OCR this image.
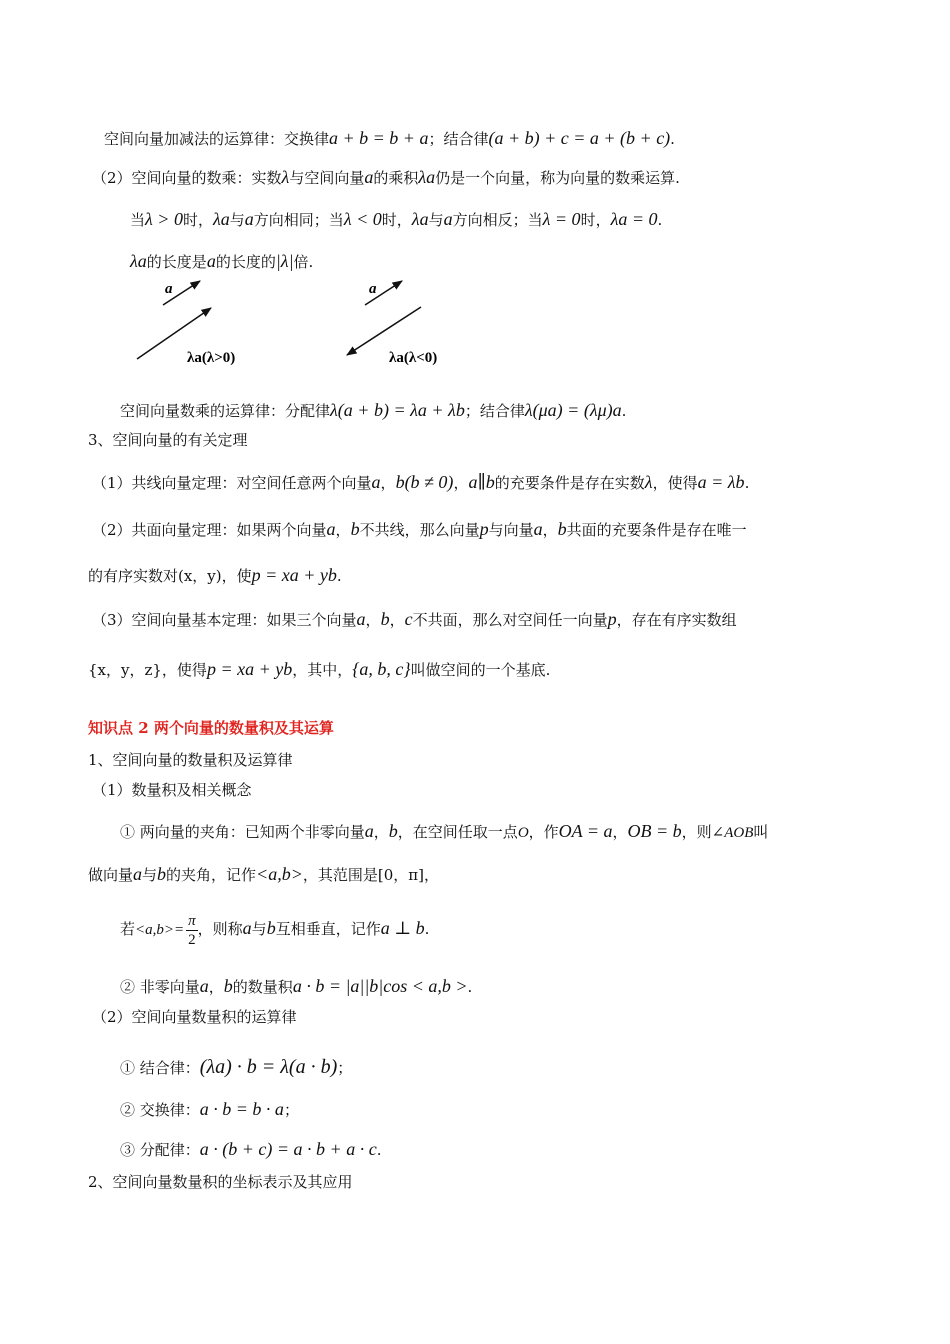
空间向量加减法的运算律：交换律a + b = b + a；结合律(a + b) + c = a + (b + c).
（2）空间向量的数乘：实数λ与空间向量a的乘积λa仍是一个向量，称为向量的数乘运算.
当λ > 0时，λa与a方向相同；当λ < 0时，λa与a方向相反；当λ = 0时，λa = 0.
λa的长度是a的长度的|λ|倍.
a
λa(λ>0)
a
λa(λ<0)
空间向量数乘的运算律：分配律λ(a + b) = λa + λb；结合律λ(μa) = (λμ)a.
3、空间向量的有关定理
（1）共线向量定理：对空间任意两个向量a，b(b ≠ 0)，a∥b的充要条件是存在实数λ，使得a = λb.
（2）共面向量定理：如果两个向量a，b不共线，那么向量p与向量a，b共面的充要条件是存在唯一
的有序实数对(x，y)，使p = xa + yb.
（3）空间向量基本定理：如果三个向量a，b，c不共面，那么对空间任一向量p，存在有序实数组
{x，y，z}，使得p = xa + yb，其中，{a, b, c}叫做空间的一个基底.
知识点 2 两个向量的数量积及其运算
1、空间向量的数量积及运算律
（1）数量积及相关概念
① 两向量的夹角：已知两个非零向量a，b，在空间任取一点O，作OA = a，OB = b，则∠AOB叫
做向量a与b的夹角，记作<a,b>，其范围是[0，π]，
若$<a,b>= \frac{\pi}{2}$ ，则称a与b互相垂直，记作a ⊥ b.
② 非零向量a，b的数量积a · b = |a||b|cos < a,b >.
（2）空间向量数量积的运算律
① 结合律：(λa) · b = λ(a · b)；
② 交换律：a · b = b · a；
③ 分配律：a · (b + c) = a · b + a · c.
2、空间向量数量积的坐标表示及其应用
